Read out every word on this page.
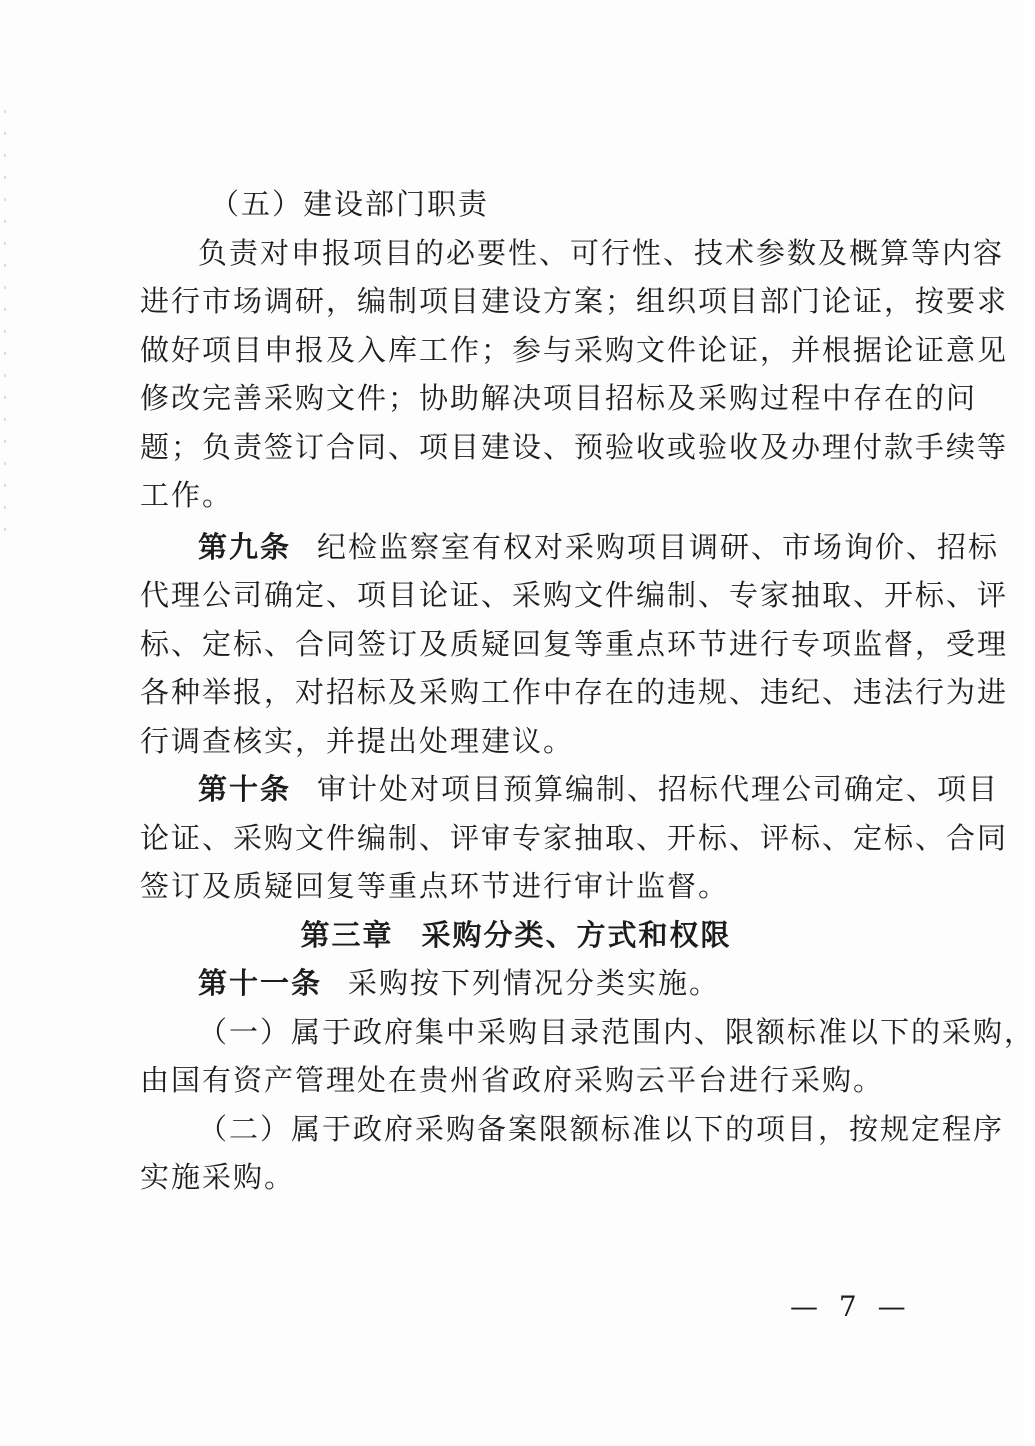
（五）建设部门职责
负责对申报项目的必要性、可行性、技术参数及概算等内容
进行市场调研，编制项目建设方案；组织项目部门论证，按要求
做好项目申报及入库工作；参与采购文件论证，并根据论证意见
修改完善采购文件；协助解决项目招标及采购过程中存在的问
题；负责签订合同、项目建设、预验收或验收及办理付款手续等
工作。
第九条 纪检监察室有权对采购项目调研、市场询价、招标
代理公司确定、项目论证、采购文件编制、专家抽取、开标、评
标、定标、合同签订及质疑回复等重点环节进行专项监督，受理
各种举报，对招标及采购工作中存在的违规、违纪、违法行为进
行调查核实，并提出处理建议。
第十条 审计处对项目预算编制、招标代理公司确定、项目
论证、采购文件编制、评审专家抽取、开标、评标、定标、合同
签订及质疑回复等重点环节进行审计监督。
第三章 采购分类、方式和权限
第十一条 采购按下列情况分类实施。
（一）属于政府集中采购目录范围内、限额标准以下的采购，
由国有资产管理处在贵州省政府采购云平台进行采购。
（二）属于政府采购备案限额标准以下的项目，按规定程序
实施采购。
— 7 —
